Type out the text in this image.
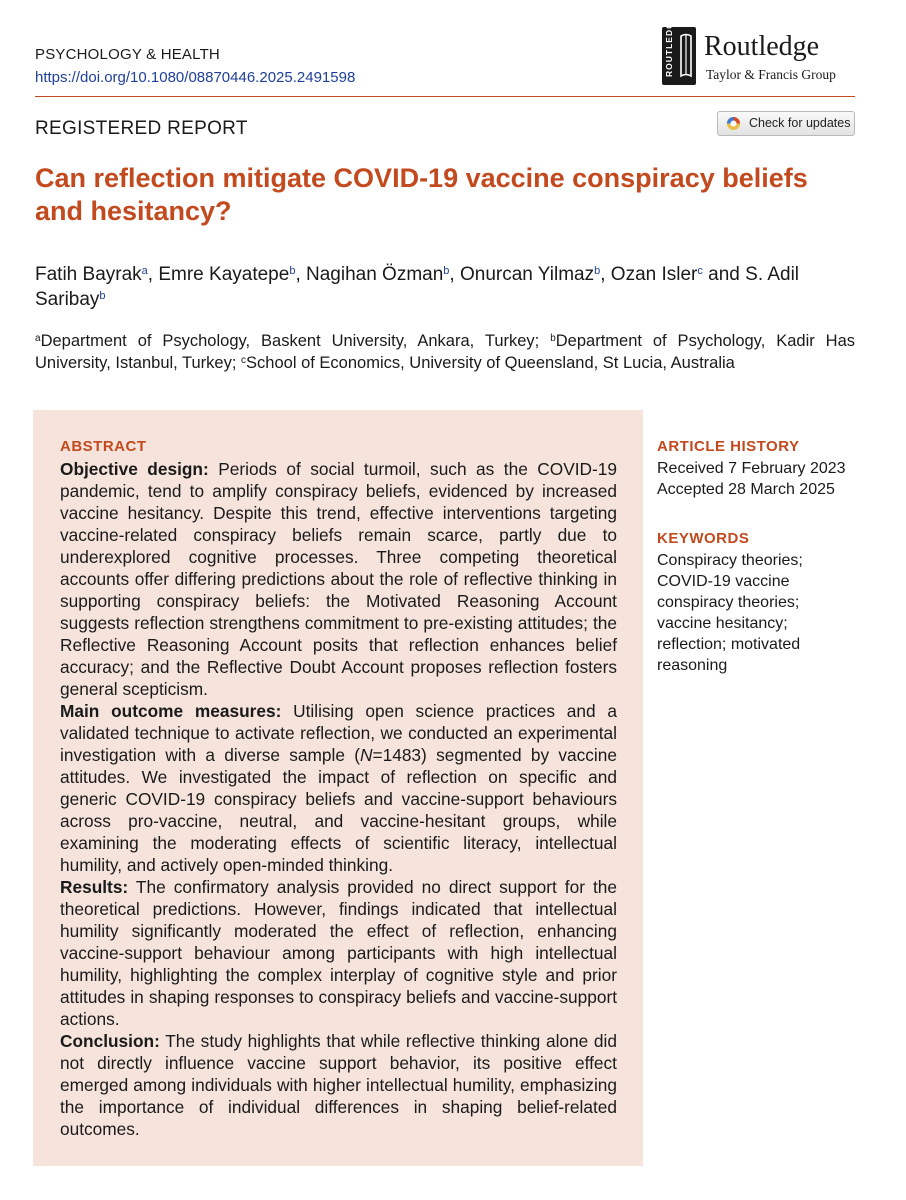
PSYCHOLOGY & HEALTH
https://doi.org/10.1080/08870446.2025.2491598
ROUTLEDGE Routledge
Taylor & Francis Group
REGISTERED REPORT	Check for updates
Can reflection mitigate COVID-19 vaccine conspiracy beliefs and hesitancy?
Fatih Bayrak$^a$, Emre Kayatepe$^b$, Nagihan Özman$^b$, Onurcan Yilmaz$^b$, Ozan Isler$^c$ and S. Adil Saribay$^b$
$^a$Department of Psychology, Baskent University, Ankara, Turkey; $^b$Department of Psychology, Kadir Has University, Istanbul, Turkey; $^c$School of Economics, University of Queensland, St Lucia, Australia
ABSTRACT

Objective design: Periods of social turmoil, such as the COVID-19 pandemic, tend to amplify conspiracy beliefs, evidenced by increased vaccine hesitancy. Despite this trend, effective interventions targeting vaccine-related conspiracy beliefs remain scarce, partly due to underexplored cognitive processes. Three competing theoretical accounts offer differing predictions about the role of reflective thinking in supporting conspiracy beliefs: the Motivated Reasoning Account suggests reflection strengthens commitment to pre-existing attitudes; the Reflective Reasoning Account posits that reflection enhances belief accuracy; and the Reflective Doubt Account proposes reflection fosters general scepticism.

Main outcome measures: Utilising open science practices and a validated technique to activate reflection, we conducted an experimental investigation with a diverse sample (N=1483) segmented by vaccine attitudes. We investigated the impact of reflection on specific and generic COVID-19 conspiracy beliefs and vaccine-support behaviours across pro-vaccine, neutral, and vaccine-hesitant groups, while examining the moderating effects of scientific literacy, intellectual humility, and actively open-minded thinking.

Results: The confirmatory analysis provided no direct support for the theoretical predictions. However, findings indicated that intellectual humility significantly moderated the effect of reflection, enhancing vaccine-support behaviour among participants with high intellectual humility, highlighting the complex interplay of cognitive style and prior attitudes in shaping responses to conspiracy beliefs and vaccine-support actions.

Conclusion: The study highlights that while reflective thinking alone did not directly influence vaccine support behavior, its positive effect emerged among individuals with higher intellectual humility, emphasizing the importance of individual differences in shaping belief-related outcomes.

ARTICLE HISTORY
Received 7 February 2023
Accepted 28 March 2025
KEYWORDS
Conspiracy theories; COVID-19 vaccine conspiracy theories; vaccine hesitancy; reflection; motivated reasoning
